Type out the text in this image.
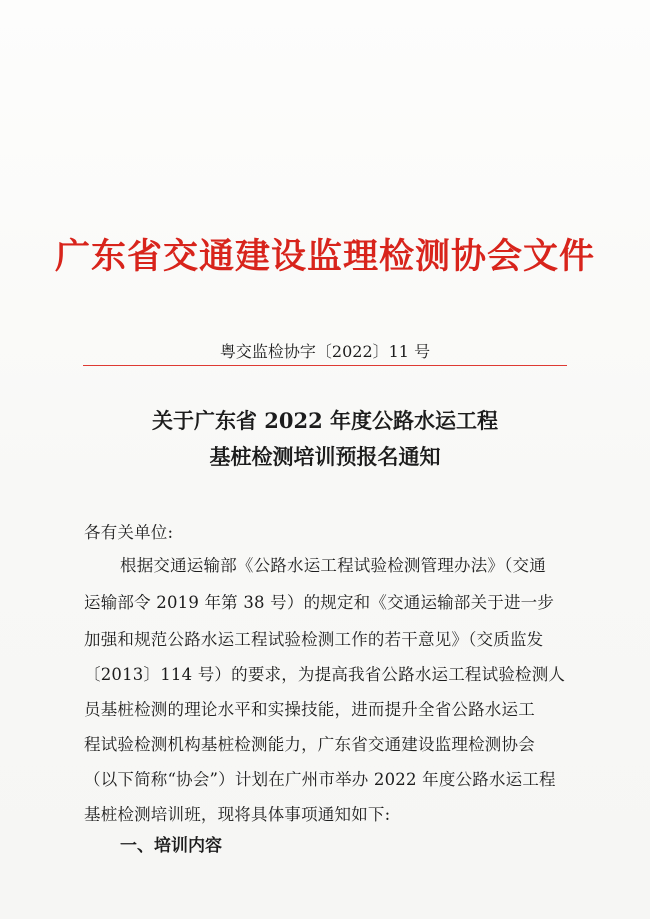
广东省交通建设监理检测协会文件
粤交监检协字〔2022〕11 号
关于广东省 2022 年度公路水运工程
基桩检测培训预报名通知
各有关单位:
根据交通运输部《公路水运工程试验检测管理办法》（交通
运输部令 2019 年第 38 号）的规定和《交通运输部关于进一步
加强和规范公路水运工程试验检测工作的若干意见》（交质监发
〔2013〕114 号）的要求，为提高我省公路水运工程试验检测人
员基桩检测的理论水平和实操技能，进而提升全省公路水运工
程试验检测机构基桩检测能力，广东省交通建设监理检测协会
（以下简称“协会”）计划在广州市举办 2022 年度公路水运工程
基桩检测培训班，现将具体事项通知如下:
一、培训内容
